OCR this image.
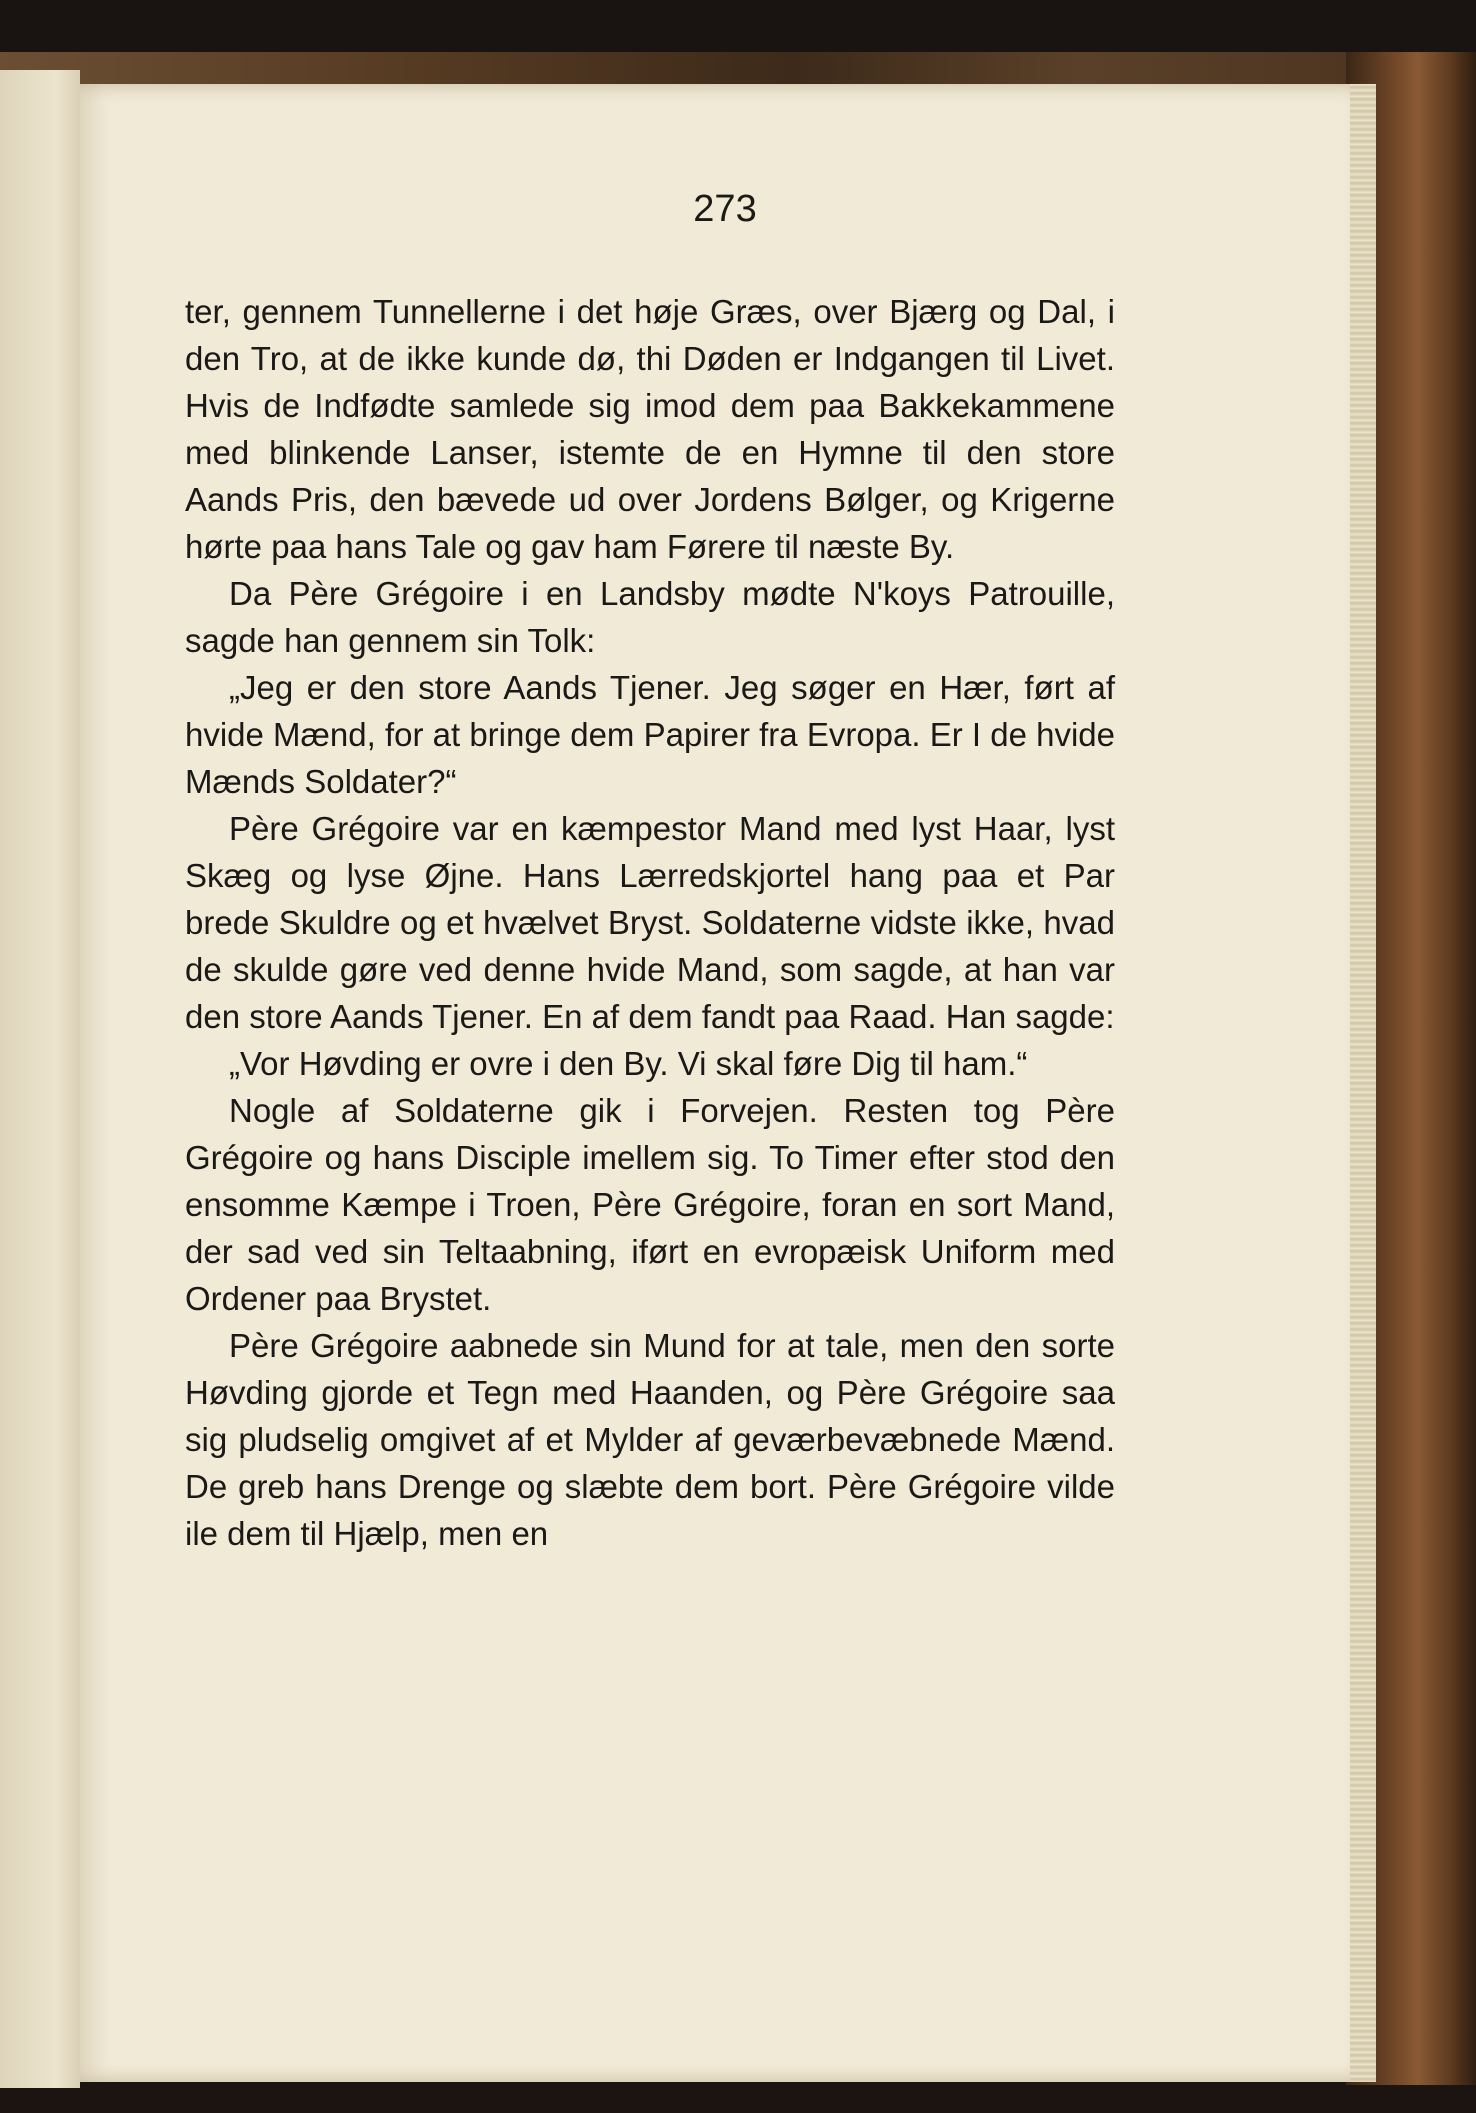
273

ter, gennem Tunnellerne i det høje Græs, over Bjærg og Dal, i den Tro, at de ikke kunde dø, thi Døden er Indgangen til Livet. Hvis de Indfødte samlede sig imod dem paa Bakkekammene med blinkende Lanser, istemte de en Hymne til den store Aands Pris, den bævede ud over Jordens Bølger, og Krigerne hørte paa hans Tale og gav ham Førere til næste By.

Da Père Grégoire i en Landsby mødte N'koys Patrouille, sagde han gennem sin Tolk:

„Jeg er den store Aands Tjener. Jeg søger en Hær, ført af hvide Mænd, for at bringe dem Papirer fra Evropa. Er I de hvide Mænds Soldater?“

Père Grégoire var en kæmpestor Mand med lyst Haar, lyst Skæg og lyse Øjne. Hans Lærredskjortel hang paa et Par brede Skuldre og et hvælvet Bryst. Soldaterne vidste ikke, hvad de skulde gøre ved denne hvide Mand, som sagde, at han var den store Aands Tjener. En af dem fandt paa Raad. Han sagde:

„Vor Høvding er ovre i den By. Vi skal føre Dig til ham.“

Nogle af Soldaterne gik i Forvejen. Resten tog Père Grégoire og hans Disciple imellem sig. To Timer efter stod den ensomme Kæmpe i Troen, Père Grégoire, foran en sort Mand, der sad ved sin Teltaabning, iført en evropæisk Uniform med Ordener paa Brystet.

Père Grégoire aabnede sin Mund for at tale, men den sorte Høvding gjorde et Tegn med Haanden, og Père Grégoire saa sig pludselig omgivet af et Mylder af geværbevæbnede Mænd. De greb hans Drenge og slæbte dem bort. Père Grégoire vilde ile dem til Hjælp, men en
